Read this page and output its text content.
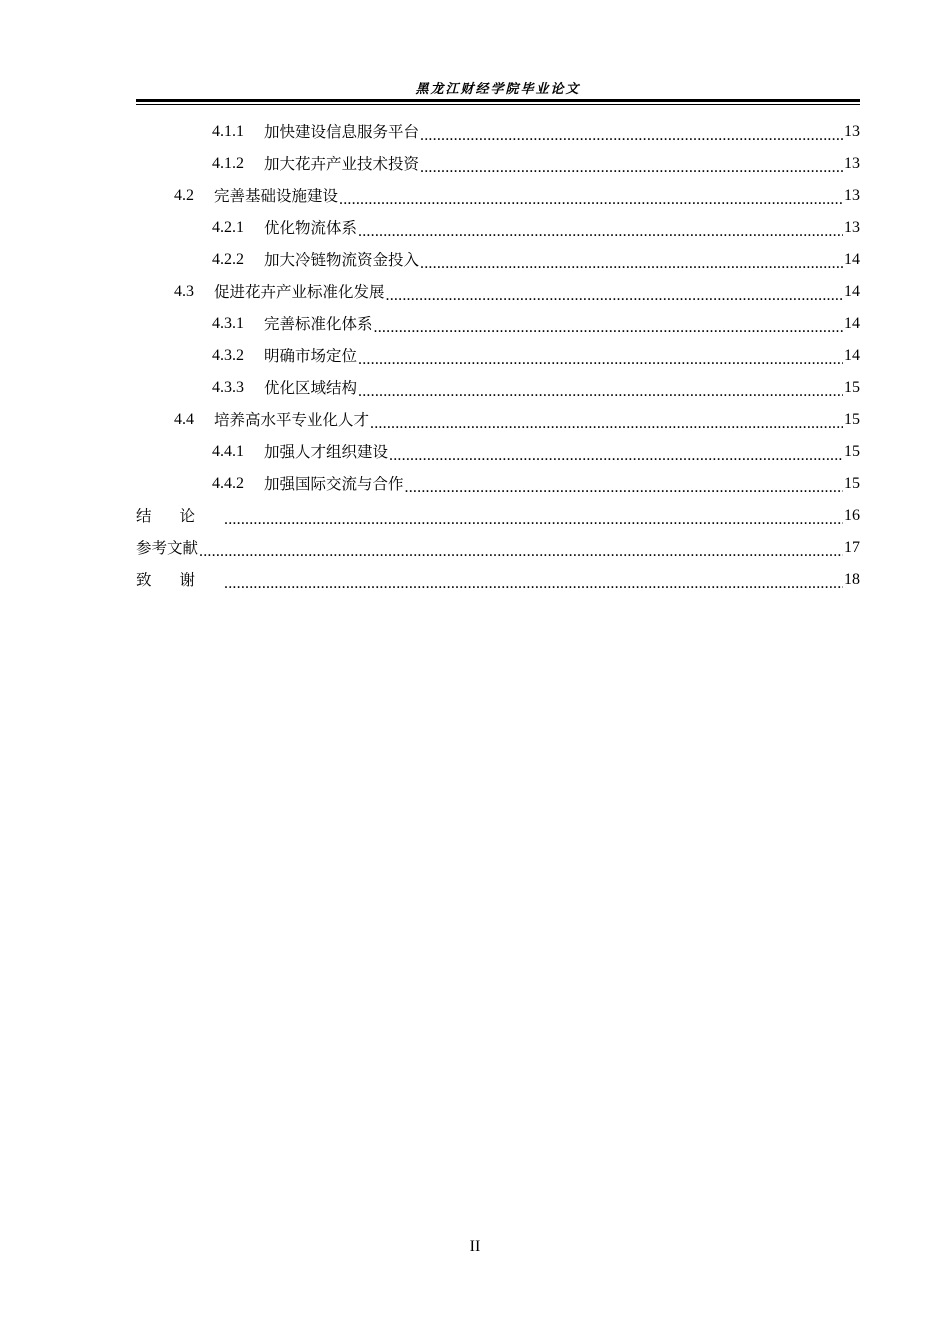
黑龙江财经学院毕业论文
4.1.1 加快建设信息服务平台 .....	13
4.1.2 加大花卉产业技术投资 .....	13
4.2 完善基础设施建设 .....	13
4.2.1 优化物流体系 .....	13
4.2.2 加大冷链物流资金投入 .....	14
4.3 促进花卉产业标准化发展 .....	14
4.3.1 完善标准化体系 .....	14
4.3.2 明确市场定位 .....	14
4.3.3 优化区域结构 .....	15
4.4 培养高水平专业化人才 .....	15
4.4.1 加强人才组织建设 .....	15
4.4.2 加强国际交流与合作 .....	15
结论 .....	16
参考文献 .....	17
致谢 .....	18
II
